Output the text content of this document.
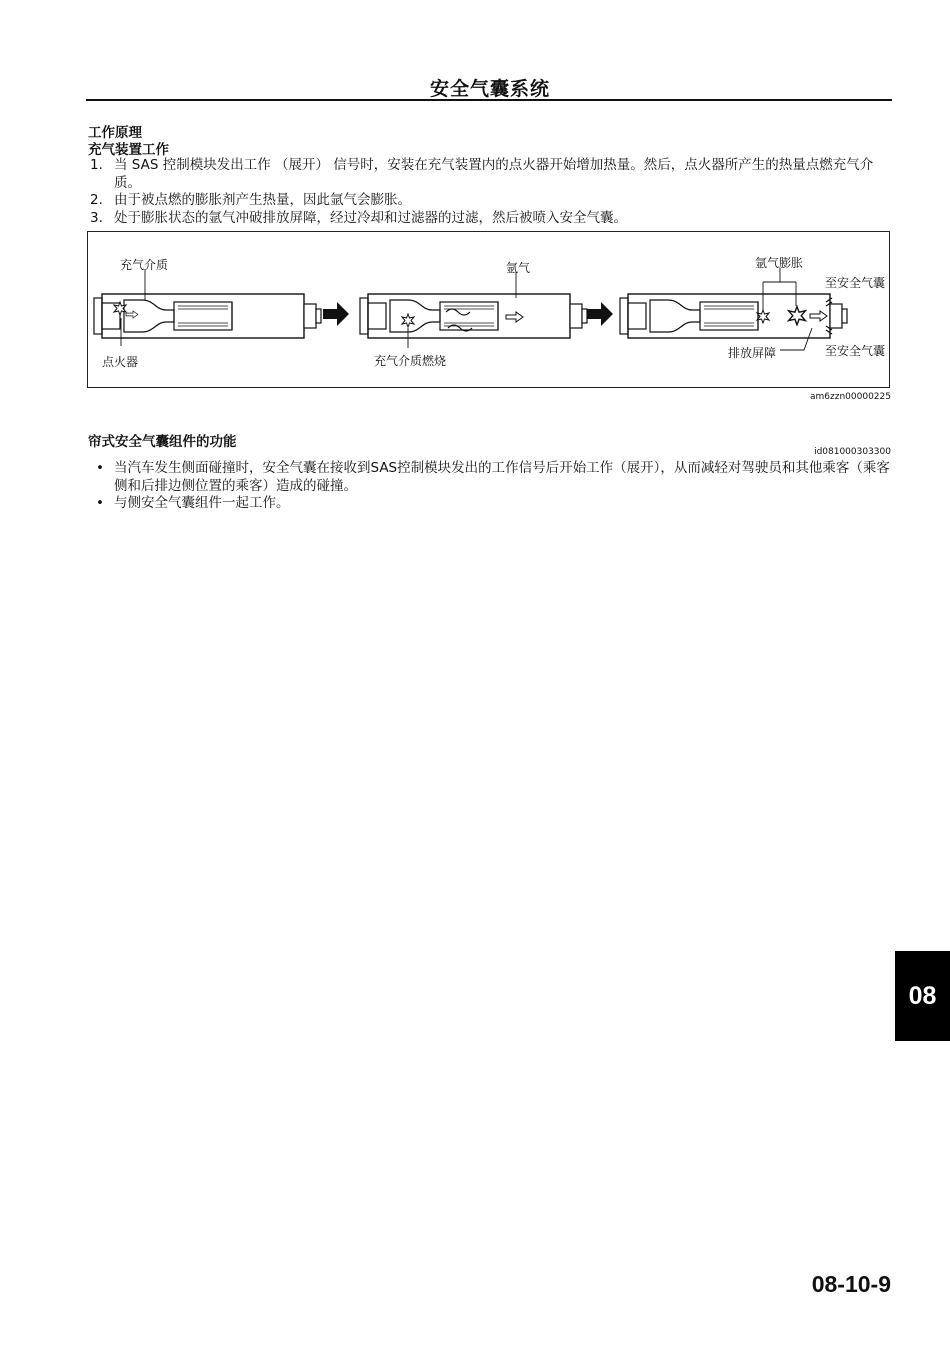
安全气囊系统
工作原理
充气装置工作
1. 当 SAS 控制模块发出工作 （展开） 信号时，安装在充气装置内的点火器开始增加热量。然后，点火器所产生的热量点燃充气介质。
2. 由于被点燃的膨胀剂产生热量，因此氩气会膨胀。
3. 处于膨胀状态的氩气冲破排放屏障，经过冷却和过滤器的过滤，然后被喷入安全气囊。
充气介质
点火器
氩气
充气介质燃烧
氩气膨胀
至安全气囊
排放屏障	至安全气囊
am6zzn00000225
帘式安全气囊组件的功能
id081000303300
• 当汽车发生侧面碰撞时，安全气囊在接收到SAS控制模块发出的工作信号后开始工作（展开），从而减轻对驾驶员和其他乘客（乘客侧和后排边侧位置的乘客）造成的碰撞。
• 与侧安全气囊组件一起工作。
08
08-10-9
